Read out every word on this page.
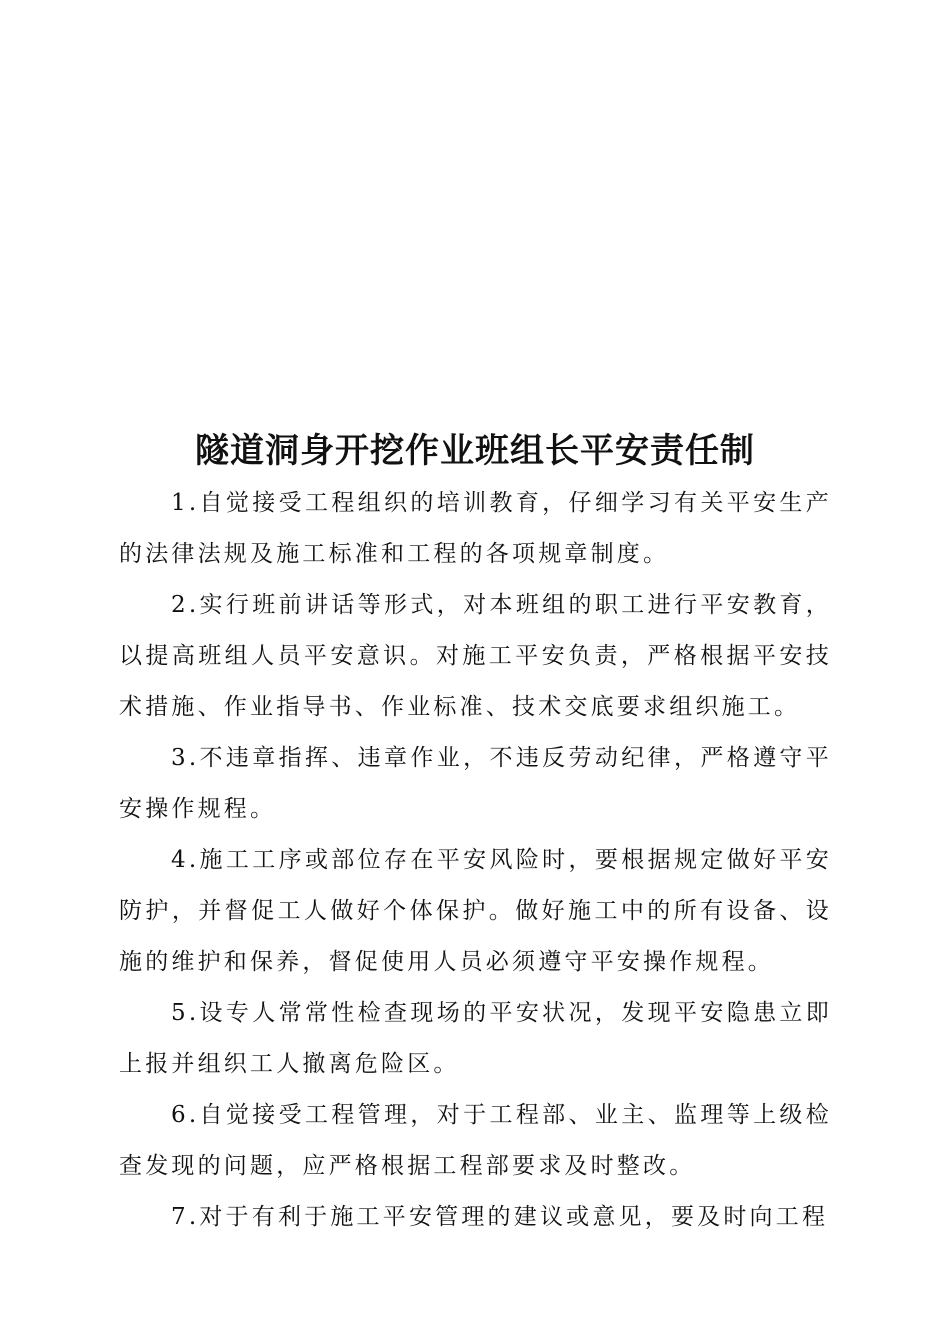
隧道洞身开挖作业班组长平安责任制

1.自觉接受工程组织的培训教育，仔细学习有关平安生产的法律法规及施工标准和工程的各项规章制度。

2.实行班前讲话等形式，对本班组的职工进行平安教育，以提高班组人员平安意识。对施工平安负责，严格根据平安技术措施、作业指导书、作业标准、技术交底要求组织施工。

3.不违章指挥、违章作业，不违反劳动纪律，严格遵守平安操作规程。

4.施工工序或部位存在平安风险时，要根据规定做好平安防护，并督促工人做好个体保护。做好施工中的所有设备、设施的维护和保养，督促使用人员必须遵守平安操作规程。

5.设专人常常性检查现场的平安状况，发现平安隐患立即上报并组织工人撤离危险区。

6.自觉接受工程管理，对于工程部、业主、监理等上级检查发现的问题，应严格根据工程部要求及时整改。

7.对于有利于施工平安管理的建议或意见，要及时向工程
